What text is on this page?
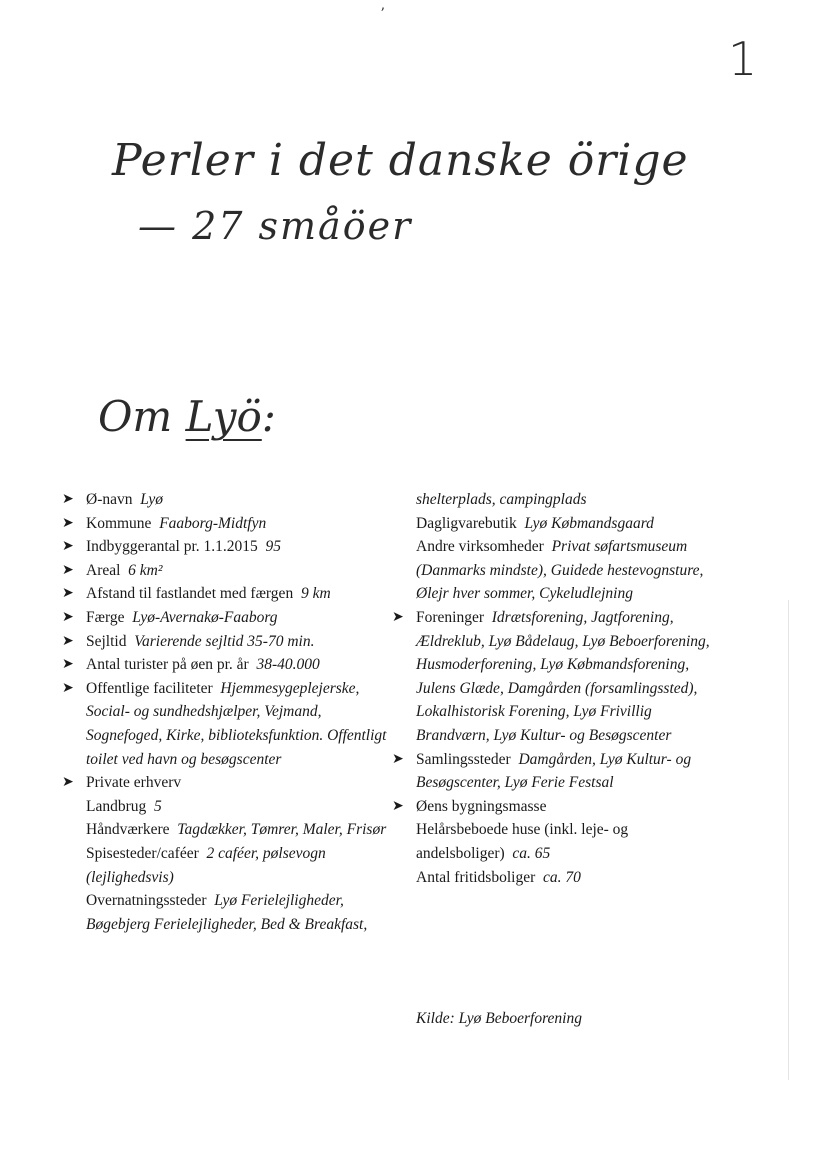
ʼ
1
Perler i det danske örige
— 27 småöer
Om Lyö:
➤ Ø-navn Lyø
➤ Kommune Faaborg-Midtfyn
➤ Indbyggerantal pr. 1.1.2015 95
➤ Areal 6 km²
➤ Afstand til fastlandet med færgen 9 km
➤ Færge Lyø-Avernakø-Faaborg
➤ Sejltid Varierende sejltid 35-70 min.
➤ Antal turister på øen pr. år 38-40.000
➤ Offentlige faciliteter Hjemmesygeplejerske, Social- og sundhedshjælper, Vejmand, Sognefoged, Kirke, biblioteksfunktion. Offentligt toilet ved havn og besøgscenter
➤ Private erhverv
Landbrug 5
Håndværkere Tagdækker, Tømrer, Maler, Frisør
Spisesteder/caféer 2 caféer, pølsevogn (lejlighedsvis)
Overnatningssteder Lyø Ferielejligheder, Bøgebjerg Ferielejligheder, Bed & Breakfast,
shelterplads, campingplads
Dagligvarebutik Lyø Købmandsgaard
Andre virksomheder Privat søfartsmuseum (Danmarks mindste), Guidede hestevognsture, Ølejr hver sommer, Cykeludlejning
➤ Foreninger Idrætsforening, Jagtforening, Ældreklub, Lyø Bådelaug, Lyø Beboerforening, Husmoderforening, Lyø Købmandsforening, Julens Glæde, Damgården (forsamlingssted), Lokalhistorisk Forening, Lyø Frivillig Brandværn, Lyø Kultur- og Besøgscenter
➤ Samlingssteder Damgården, Lyø Kultur- og Besøgscenter, Lyø Ferie Festsal
➤ Øens bygningsmasse
Helårsbeboede huse (inkl. leje- og andelsboliger) ca. 65
Antal fritidsboliger ca. 70
Kilde: Lyø Beboerforening
